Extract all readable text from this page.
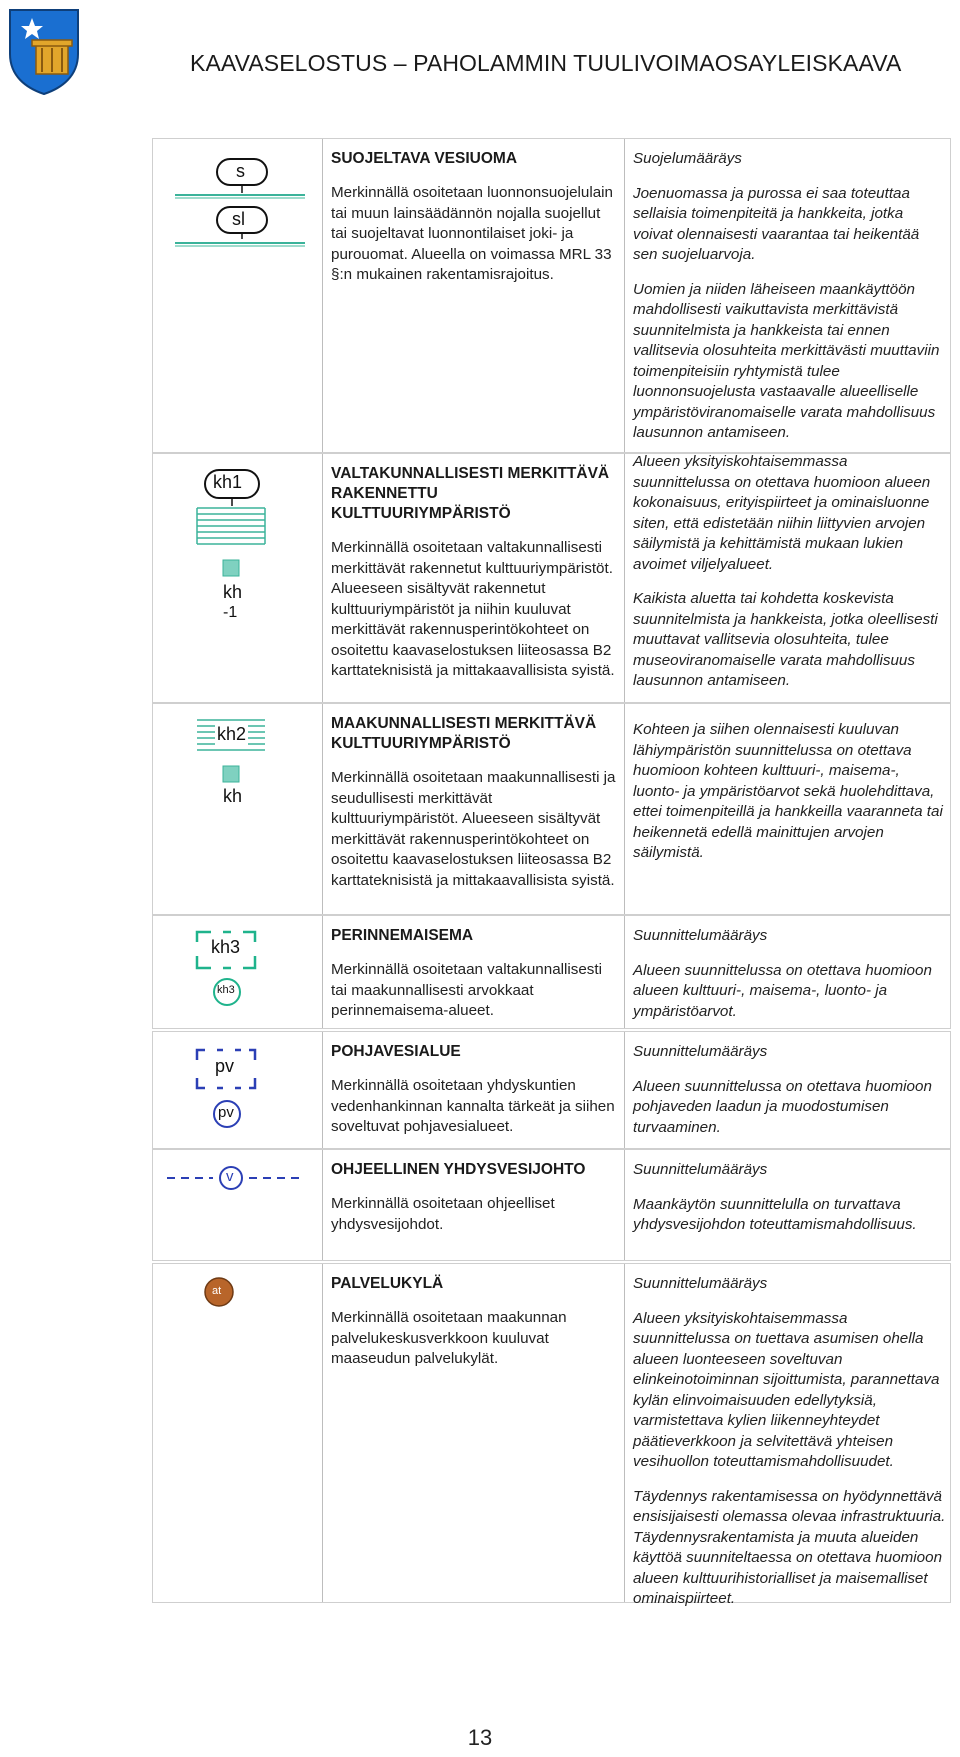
KAAVASELOSTUS – PAHOLAMMIN TUULIVOIMAOSAYLEISKAAVA
s
sl
SUOJELTAVA VESIUOMA
Merkinnällä osoitetaan luonnonsuojelulain tai muun lainsäädännön nojalla suojellut tai suojeltavat luonnontilaiset joki- ja purouomat. Alueella on voimassa MRL 33 §:n mukainen rakentamisrajoitus.
Suojelumääräys
Joenuomassa ja purossa ei saa toteuttaa sellaisia toimenpiteitä ja hankkeita, jotka voivat olennaisesti vaarantaa tai heikentää sen suojeluarvoja.
Uomien ja niiden läheiseen maankäyttöön mahdollisesti vaikuttavista merkittävistä suunnitelmista ja hankkeista tai ennen vallitsevia olosuhteita merkittävästi muuttaviin toimenpiteisiin ryhtymistä tulee luonnonsuojelusta vastaavalle alueelliselle ympäristöviranomaiselle varata mahdollisuus lausunnon antamiseen.
kh1
kh
-1
VALTAKUNNALLISESTI MERKITTÄVÄ RAKENNETTU KULTTUURIYMPÄRISTÖ
Merkinnällä osoitetaan valtakunnallisesti merkittävät rakennetut kulttuuriympäristöt. Alueeseen sisältyvät rakennetut kulttuuriympäristöt ja niihin kuuluvat merkittävät rakennusperintökohteet on osoitettu kaavaselostuksen liiteosassa B2 karttateknisistä ja mittakaavallisista syistä.
Alueen yksityiskohtaisemmassa suunnittelussa on otettava huomioon alueen kokonaisuus, erityispiirteet ja ominaisluonne siten, että edistetään niihin liittyvien arvojen säilymistä ja kehittämistä mukaan lukien avoimet viljelyalueet.
Kaikista aluetta tai kohdetta koskevista suunnitelmista ja hankkeista, jotka oleellisesti muuttavat vallitsevia olosuhteita, tulee museoviranomaiselle varata mahdollisuus lausunnon antamiseen.
kh2
kh
MAAKUNNALLISESTI MERKITTÄVÄ KULTTUURIYMPÄRISTÖ
Merkinnällä osoitetaan maakunnallisesti ja seudullisesti merkittävät kulttuuriympäristöt. Alueeseen sisältyvät merkittävät rakennusperintökohteet on osoitettu kaavaselostuksen liiteosassa B2 karttateknisistä ja mittakaavallisista syistä.
Kohteen ja siihen olennaisesti kuuluvan lähiympäristön suunnittelussa on otettava huomioon kohteen kulttuuri-, maisema-, luonto- ja ympäristöarvot sekä huolehdittava, ettei toimenpiteillä ja hankkeilla vaaranneta tai heikennetä edellä mainittujen arvojen säilymistä.
kh3
kh3
PERINNEMAISEMA
Merkinnällä osoitetaan valtakunnallisesti tai maakunnallisesti arvokkaat perinnemaisema-alueet.
Suunnittelumääräys
Alueen suunnittelussa on otettava huomioon alueen kulttuuri-, maisema-, luonto- ja ympäristöarvot.
pv
pv
POHJAVESIALUE
Merkinnällä osoitetaan yhdyskuntien vedenhankinnan kannalta tärkeät ja siihen soveltuvat pohjavesialueet.
Suunnittelumääräys
Alueen suunnittelussa on otettava huomioon pohjaveden laadun ja muodostumisen turvaaminen.
v	OHJEELLINEN YHDYSVESIJOHTO
Merkinnällä osoitetaan ohjeelliset yhdysvesijohdot.
Suunnittelumääräys
Maankäytön suunnittelulla on turvattava yhdysvesijohdon toteuttamismahdollisuus.
at	PALVELUKYLÄ
Merkinnällä osoitetaan maakunnan palvelukeskusverkkoon kuuluvat maaseudun palvelukylät.
Suunnittelumääräys
Alueen yksityiskohtaisemmassa suunnittelussa on tuettava asumisen ohella alueen luonteeseen soveltuvan elinkeinotoiminnan sijoittumista, parannettava kylän elinvoimaisuuden edellytyksiä, varmistettava kylien liikenneyhteydet päätieverkkoon ja selvitettävä yhteisen vesihuollon toteuttamismahdollisuudet.
Täydennys rakentamisessa on hyödynnettävä ensisijaisesti olemassa olevaa infrastruktuuria. Täydennysrakentamista ja muuta alueiden käyttöä suunniteltaessa on otettava huomioon alueen kulttuurihistorialliset ja maisemalliset ominaispiirteet.
13
